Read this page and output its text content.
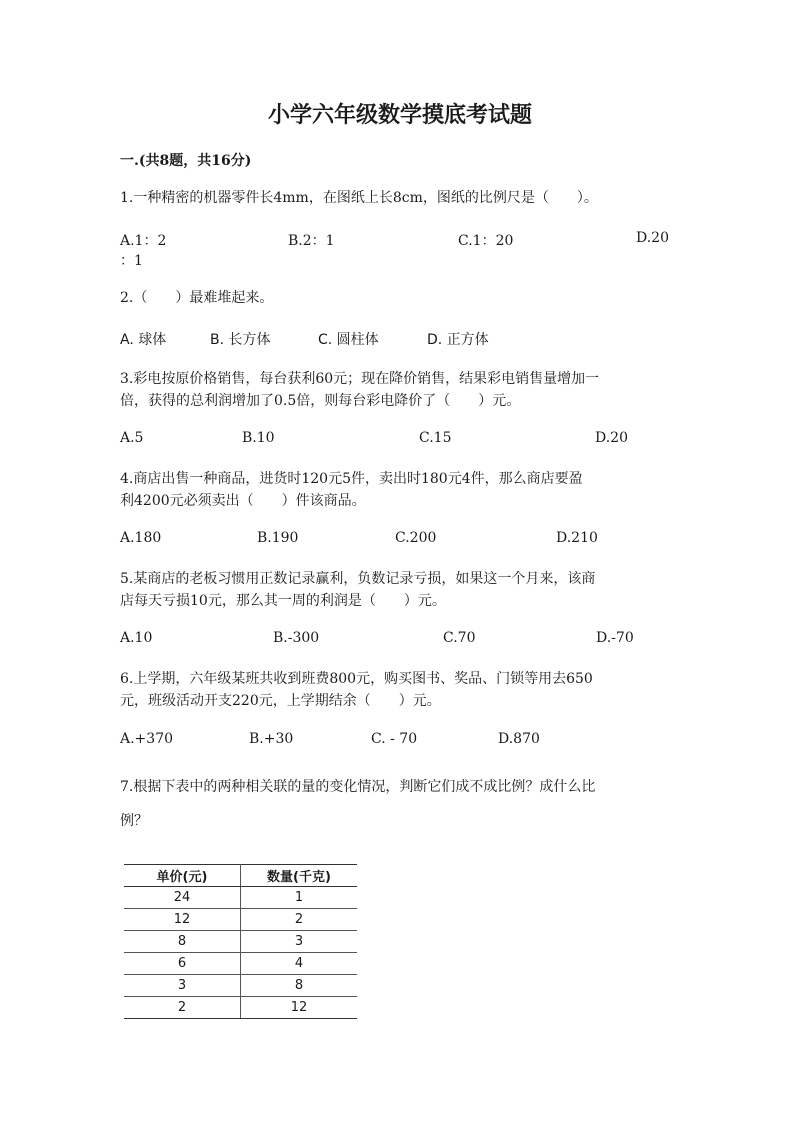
小学六年级数学摸底考试题
一.(共8题，共16分)
1.一种精密的机器零件长4mm，在图纸上长8cm，图纸的比例尺是（　　）。
A.1：2	B.2：1	C.1：20	D.20
：1
2.（　　）最难堆起来。
A. 球体	B. 长方体	C. 圆柱体	D. 正方体
3.彩电按原价格销售，每台获利60元；现在降价销售，结果彩电销售量增加一
倍，获得的总利润增加了0.5倍，则每台彩电降价了（　　）元。
A.5	B.10	C.15	D.20
4.商店出售一种商品，进货时120元5件，卖出时180元4件，那么商店要盈
利4200元必须卖出（　　）件该商品。
A.180	B.190	C.200	D.210
5.某商店的老板习惯用正数记录赢利，负数记录亏损，如果这一个月来，该商
店每天亏损10元，那么其一周的利润是（　　）元。
A.10	B.-300	C.70	D.-70
6.上学期，六年级某班共收到班费800元，购买图书、奖品、门锁等用去650
元，班级活动开支220元，上学期结余（　　）元。
A.+370	B.+30	C. - 70	D.870
7.根据下表中的两种相关联的量的变化情况，判断它们成不成比例？成什么比
例？
单价(元)	数量(千克)
24	1
12	2
8	3
6	4
3	8
2	12
